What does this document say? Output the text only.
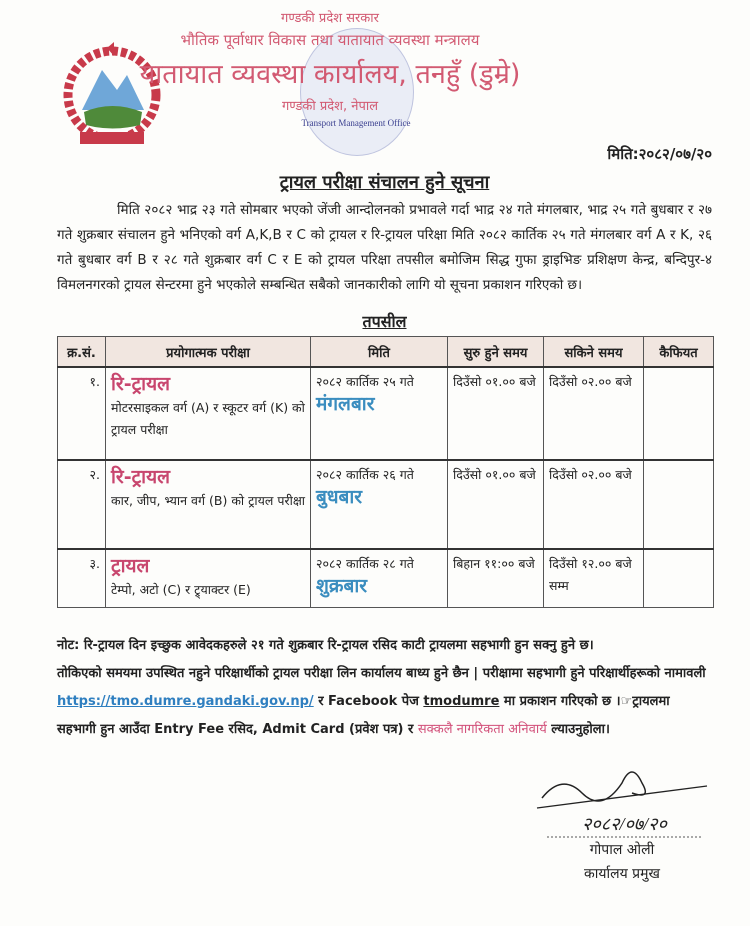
Transport Management Office
गण्डकी प्रदेश सरकार
भौतिक पूर्वाधार विकास तथा यातायात व्यवस्था मन्त्रालय
यातायात व्यवस्था कार्यालय, तनहुँ (डुम्रे)
गण्डकी प्रदेश, नेपाल
मिति:२०८२/०७/२०
ट्रायल परीक्षा संचालन हुने सूचना
मिति २०८२ भाद्र २३ गते सोमबार भएको जेंजी आन्दोलनको प्रभावले गर्दा भाद्र २४ गते मंगलबार, भाद्र २५ गते बुधबार र २७ गते शुक्रबार संचालन हुने भनिएको वर्ग A,K,B र C को ट्रायल र रि-ट्रायल परिक्षा मिति २०८२ कार्तिक २५ गते मंगलबार वर्ग A र K, २६ गते बुधबार वर्ग B र २८ गते शुक्रबार वर्ग C र E को ट्रायल परिक्षा तपसील बमोजिम सिद्ध गुफा ड्राइभिङ प्रशिक्षण केन्द्र, बन्दिपुर-४ विमलनगरको ट्रायल सेन्टरमा हुने भएकोले सम्बन्धित सबैको जानकारीको लागि यो सूचना प्रकाशन गरिएको छ।
तपसील
क्र.सं.	प्रयोगात्मक परीक्षा	मिति	सुरु हुने समय	सकिने समय	कैफियत
१.	रि-ट्रायल
मोटरसाइकल वर्ग (A) र स्कूटर वर्ग (K) को ट्रायल परीक्षा	२०८२ कार्तिक २५ गते मंगलबार	दिउँसो ०१.०० बजे	दिउँसो ०२.०० बजे	
२.	रि-ट्रायल
कार, जीप, भ्यान वर्ग (B) को ट्रायल परीक्षा	२०८२ कार्तिक २६ गते बुधबार	दिउँसो ०१.०० बजे	दिउँसो ०२.०० बजे	
३.	ट्रायल
टेम्पो, अटो (C) र ट्र्याक्टर (E)	२०८२ कार्तिक २८ गते शुक्रबार	बिहान ११:०० बजे	दिउँसो १२.०० बजे सम्म	
नोट: रि-ट्रायल दिन इच्छुक आवेदकहरुले २१ गते शुक्रबार रि-ट्रायल रसिद काटी ट्रायलमा सहभागी हुन सक्नु हुने छ।
तोकिएको समयमा उपस्थित नहुने परिक्षार्थीको ट्रायल परीक्षा लिन कार्यालय बाध्य हुने छैन | परीक्षामा सहभागी हुने परिक्षार्थीहरूको नामावली https://tmo.dumre.gandaki.gov.np/ र Facebook पेज tmodumre मा प्रकाशन गरिएको छ ।☞ट्रायलमा सहभागी हुन आउँदा Entry Fee रसिद, Admit Card (प्रवेश पत्र) र सक्कलै नागरिकता अनिवार्य ल्याउनुहोला।
२०८२/०७/२०
गोपाल ओली
कार्यालय प्रमुख
